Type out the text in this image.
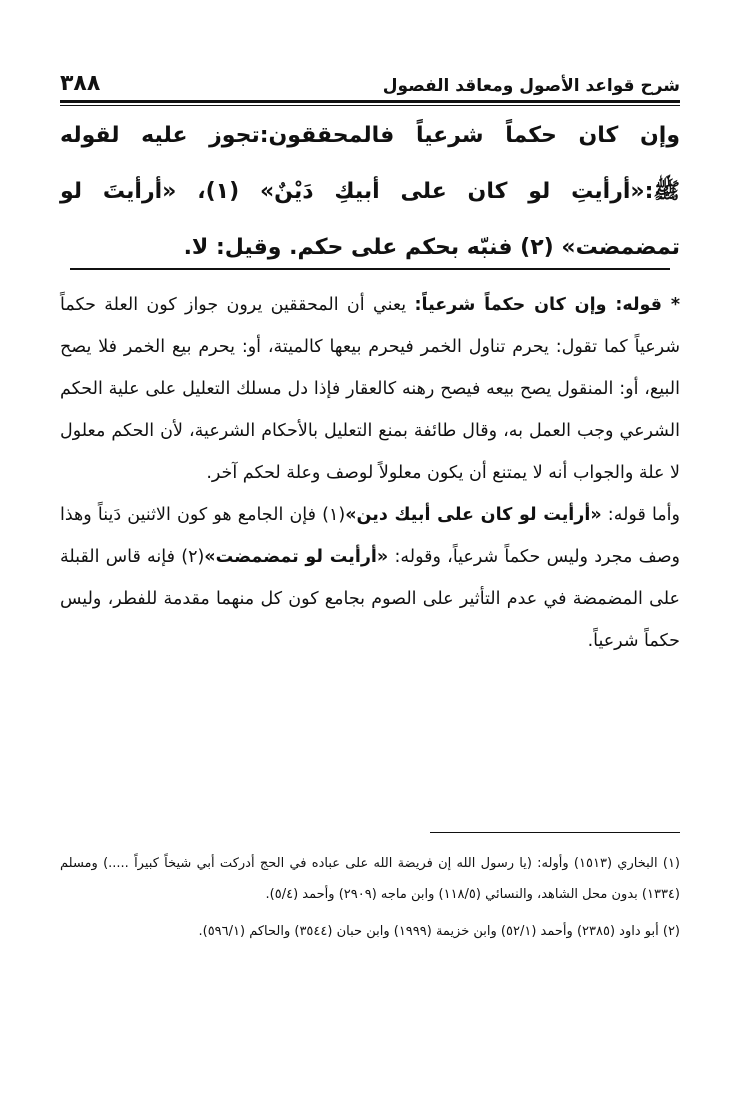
شرح قواعد الأصول ومعاقد الفصول
٣٨٨
وإن كان حكماً شرعياً فالمحققون:تجوز عليه لقوله ﷺ:«أرأيتِ لو كان على أبيكِ دَيْنٌ» (١)، «أرأيتَ لو تمضمضت» (٢) فنبّه بحكم على حكم. وقيل: لا.

* قوله: وإن كان حكماً شرعياً: يعني أن المحققين يرون جواز كون العلة حكماً شرعياً كما تقول: يحرم تناول الخمر فيحرم بيعها كالميتة، أو: يحرم بيع الخمر فلا يصح البيع، أو: المنقول يصح بيعه فيصح رهنه كالعقار فإذا دل مسلك التعليل على علية الحكم الشرعي وجب العمل به، وقال طائفة بمنع التعليل بالأحكام الشرعية، لأن الحكم معلول لا علة والجواب أنه لا يمتنع أن يكون معلولاً لوصف وعلة لحكم آخر.

وأما قوله: «أرأيت لو كان على أبيك دين»(١) فإن الجامع هو كون الاثنين دَيناً وهذا وصف مجرد وليس حكماً شرعياً، وقوله: «أرأيت لو تمضمضت»(٢) فإنه قاس القبلة على المضمضة في عدم التأثير على الصوم بجامع كون كل منهما مقدمة للفطر، وليس حكماً شرعياً.

(١) البخاري (١٥١٣) وأوله: (يا رسول الله إن فريضة الله على عباده في الحج أدركت أبي شيخاً كبيراً .....) ومسلم (١٣٣٤) بدون محل الشاهد، والنسائي (١١٨/٥) وابن ماجه (٢٩٠٩) وأحمد (٥/٤).

(٢) أبو داود (٢٣٨٥) وأحمد (٥٢/١) وابن خزيمة (١٩٩٩) وابن حبان (٣٥٤٤) والحاكم (٥٩٦/١).
